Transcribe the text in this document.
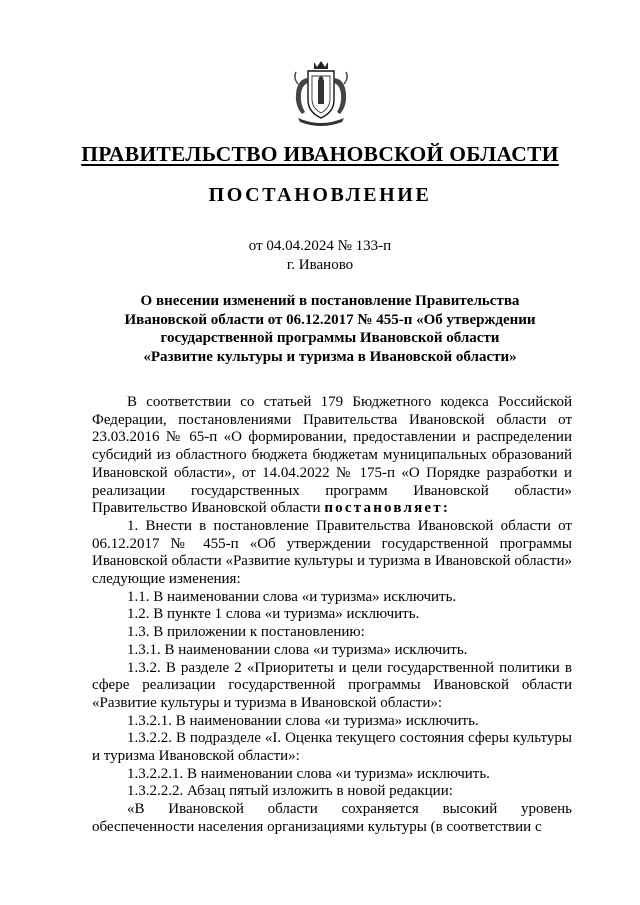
ПРАВИТЕЛЬСТВО ИВАНОВСКОЙ ОБЛАСТИ
ПОСТАНОВЛЕНИЕ
от 04.04.2024 № 133-п
г. Иваново
О внесении изменений в постановление Правительства
Ивановской области от 06.12.2017 № 455-п «Об утверждении
государственной программы Ивановской области
«Развитие культуры и туризма в Ивановской области»

В соответствии со статьей 179 Бюджетного кодекса Российской Федерации, постановлениями Правительства Ивановской области от 23.03.2016 № 65-п «О формировании, предоставлении и распределении субсидий из областного бюджета бюджетам муниципальных образований Ивановской области», от 14.04.2022 № 175-п «О Порядке разработки и реализации государственных программ Ивановской области» Правительство Ивановской области постановляет:

1. Внести в постановление Правительства Ивановской области от 06.12.2017 № 455-п «Об утверждении государственной программы Ивановской области «Развитие культуры и туризма в Ивановской области» следующие изменения:

1.1. В наименовании слова «и туризма» исключить.

1.2. В пункте 1 слова «и туризма» исключить.

1.3. В приложении к постановлению:

1.3.1. В наименовании слова «и туризма» исключить.

1.3.2. В разделе 2 «Приоритеты и цели государственной политики в сфере реализации государственной программы Ивановской области «Развитие культуры и туризма в Ивановской области»:

1.3.2.1. В наименовании слова «и туризма» исключить.

1.3.2.2. В подразделе «I. Оценка текущего состояния сферы культуры и туризма Ивановской области»:

1.3.2.2.1. В наименовании слова «и туризма» исключить.

1.3.2.2.2. Абзац пятый изложить в новой редакции:

«В Ивановской области сохраняется высокий уровень обеспеченности населения организациями культуры (в соответствии с
